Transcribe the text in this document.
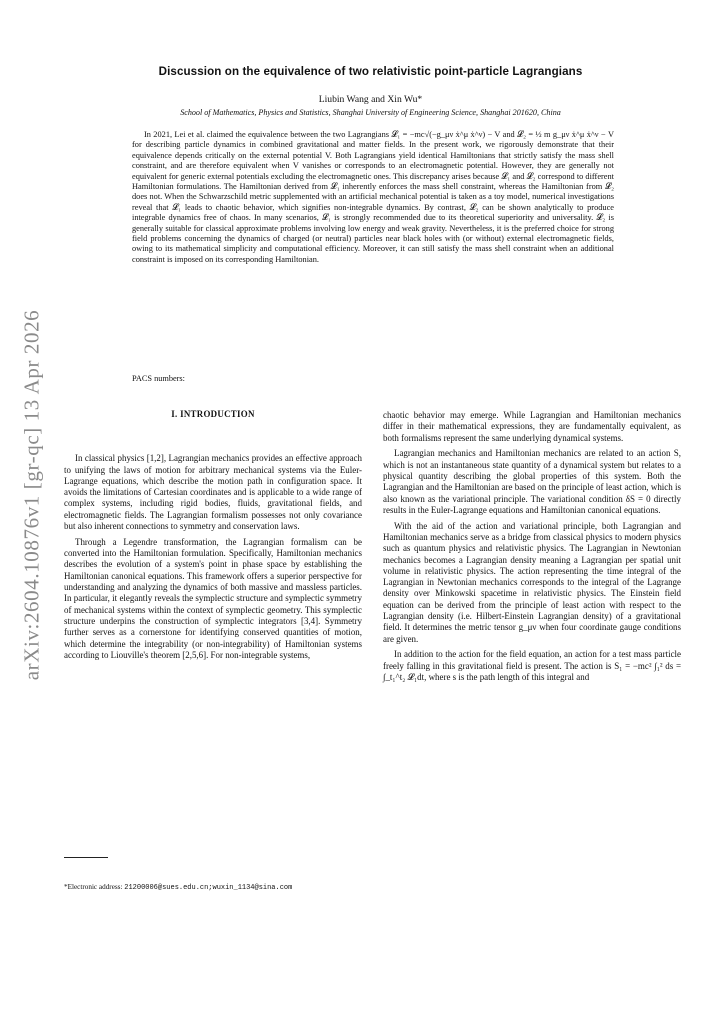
arXiv:2604.10876v1 [gr-qc] 13 Apr 2026
Discussion on the equivalence of two relativistic point-particle Lagrangians
Liubin Wang and Xin Wu*
School of Mathematics, Physics and Statistics, Shanghai University of Engineering Science, Shanghai 201620, China

In 2021, Lei et al. claimed the equivalence between the two Lagrangians 𝓛₁ = −mc√(−g_μν ẋ^μ ẋ^ν) − V and 𝓛₂ = ½ m g_μν ẋ^μ ẋ^ν − V for describing particle dynamics in combined gravitational and matter fields. In the present work, we rigorously demonstrate that their equivalence depends critically on the external potential V. Both Lagrangians yield identical Hamiltonians that strictly satisfy the mass shell constraint, and are therefore equivalent when V vanishes or corresponds to an electromagnetic potential. However, they are generally not equivalent for generic external potentials excluding the electromagnetic ones. This discrepancy arises because 𝓛₁ and 𝓛₂ correspond to different Hamiltonian formulations. The Hamiltonian derived from 𝓛₁ inherently enforces the mass shell constraint, whereas the Hamiltonian from 𝓛₂ does not. When the Schwarzschild metric supplemented with an artificial mechanical potential is taken as a toy model, numerical investigations reveal that 𝓛₁ leads to chaotic behavior, which signifies non-integrable dynamics. By contrast, 𝓛₂ can be shown analytically to produce integrable dynamics free of chaos. In many scenarios, 𝓛₁ is strongly recommended due to its theoretical superiority and universality. 𝓛₂ is generally suitable for classical approximate problems involving low energy and weak gravity. Nevertheless, it is the preferred choice for strong field problems concerning the dynamics of charged (or neutral) particles near black holes with (or without) external electromagnetic fields, owing to its mathematical simplicity and computational efficiency. Moreover, it can still satisfy the mass shell constraint when an additional constraint is imposed on its corresponding Hamiltonian.

PACS numbers:
I. INTRODUCTION

In classical physics [1,2], Lagrangian mechanics provides an effective approach to unifying the laws of motion for arbitrary mechanical systems via the Euler-Lagrange equations, which describe the motion path in configuration space. It avoids the limitations of Cartesian coordinates and is applicable to a wide range of complex systems, including rigid bodies, fluids, gravitational fields, and electromagnetic fields. The Lagrangian formalism possesses not only covariance but also inherent connections to symmetry and conservation laws.

Through a Legendre transformation, the Lagrangian formalism can be converted into the Hamiltonian formulation. Specifically, Hamiltonian mechanics describes the evolution of a system's point in phase space by establishing the Hamiltonian canonical equations. This framework offers a superior perspective for understanding and analyzing the dynamics of both massive and massless particles. In particular, it elegantly reveals the symplectic structure and symplectic symmetry of mechanical systems within the context of symplectic geometry. This symplectic structure underpins the construction of symplectic integrators [3,4]. Symmetry further serves as a cornerstone for identifying conserved quantities of motion, which determine the integrability (or non-integrability) of Hamiltonian systems according to Liouville's theorem [2,5,6]. For non-integrable systems,

chaotic behavior may emerge. While Lagrangian and Hamiltonian mechanics differ in their mathematical expressions, they are fundamentally equivalent, as both formalisms represent the same underlying dynamical systems.

Lagrangian mechanics and Hamiltonian mechanics are related to an action S, which is not an instantaneous state quantity of a dynamical system but relates to a physical quantity describing the global properties of this system. Both the Lagrangian and the Hamiltonian are based on the principle of least action, which is also known as the variational principle. The variational condition δS = 0 directly results in the Euler-Lagrange equations and Hamiltonian canonical equations.

With the aid of the action and variational principle, both Lagrangian and Hamiltonian mechanics serve as a bridge from classical physics to modern physics such as quantum physics and relativistic physics. The Lagrangian in Newtonian mechanics becomes a Lagrangian density meaning a Lagrangian per spatial unit volume in relativistic physics. The action representing the time integral of the Lagrangian in Newtonian mechanics corresponds to the integral of the Lagrange density over Minkowski spacetime in relativistic physics. The Einstein field equation can be derived from the principle of least action with respect to the Lagrangian density (i.e. Hilbert-Einstein Lagrangian density) of a gravitational field. It determines the metric tensor g_μν when four coordinate gauge conditions are given.

In addition to the action for the field equation, an action for a test mass particle freely falling in this gravitational field is present. The action is S₁ = −mc² ∫₁² ds = ∫_t₁^t₂ 𝓛₁dt, where s is the path length of this integral and

*Electronic address: 21200006@sues.edu.cn;wuxin_1134@sina.com
